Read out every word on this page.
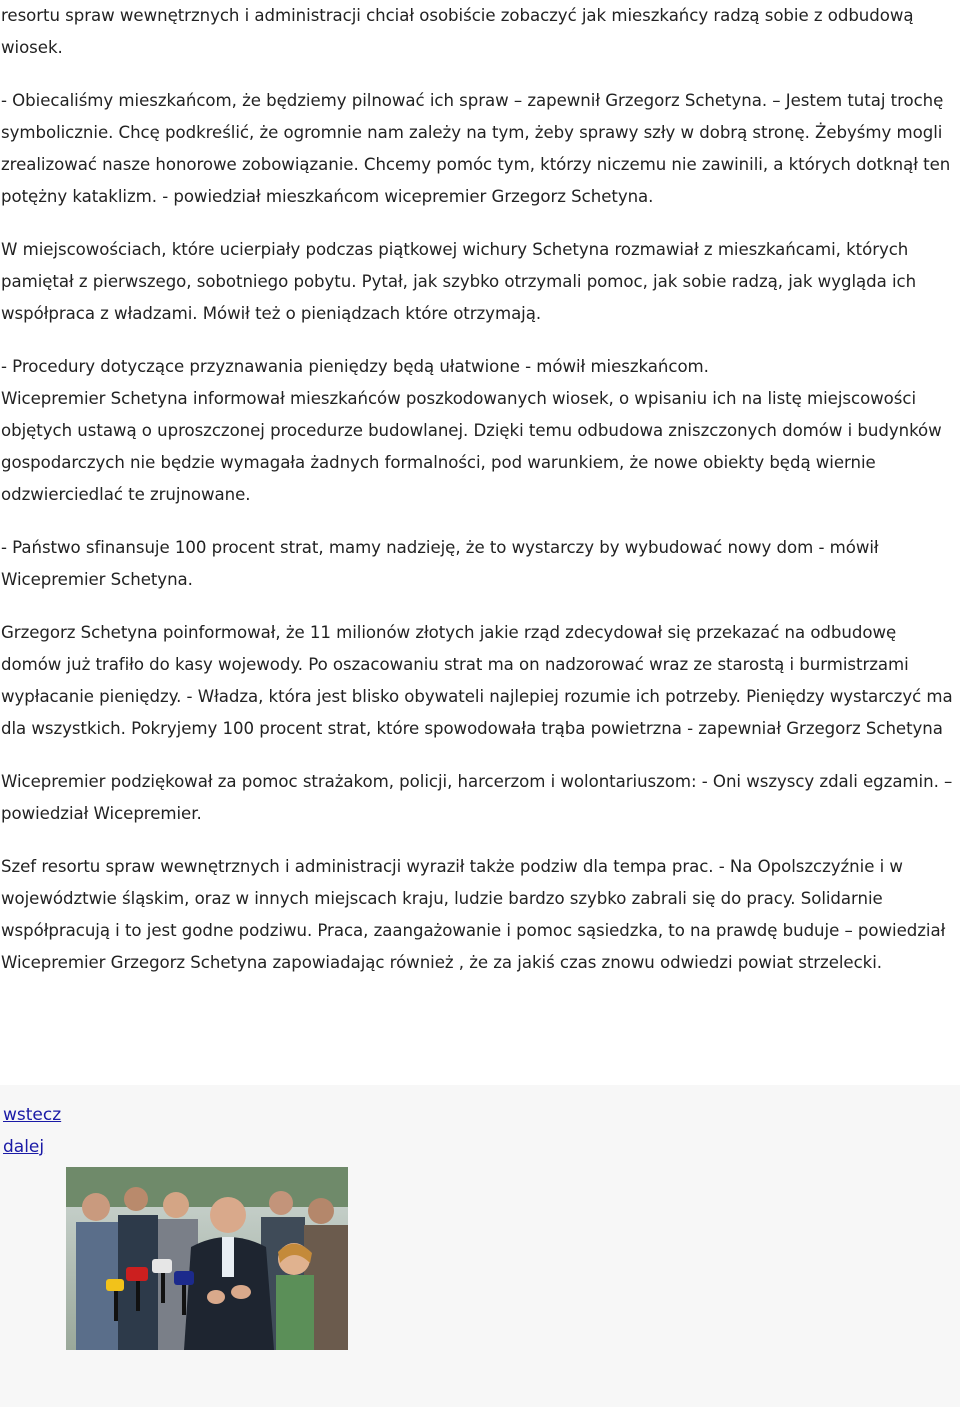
resortu spraw wewnętrznych i administracji chciał osobiście zobaczyć jak mieszkańcy radzą sobie z odbudową wiosek.

- Obiecaliśmy mieszkańcom, że będziemy pilnować ich spraw – zapewnił Grzegorz Schetyna. – Jestem tutaj trochę symbolicznie. Chcę podkreślić, że ogromnie nam zależy na tym, żeby sprawy szły w dobrą stronę. Żebyśmy mogli zrealizować nasze honorowe zobowiązanie. Chcemy pomóc tym, którzy niczemu nie zawinili, a których dotknął ten potężny kataklizm. - powiedział mieszkańcom wicepremier Grzegorz Schetyna.

W miejscowościach, które ucierpiały podczas piątkowej wichury Schetyna rozmawiał z mieszkańcami, których pamiętał z pierwszego, sobotniego pobytu. Pytał, jak szybko otrzymali pomoc, jak sobie radzą, jak wygląda ich współpraca z władzami. Mówił też o pieniądzach które otrzymają.

- Procedury dotyczące przyznawania pieniędzy będą ułatwione - mówił mieszkańcom.

Wicepremier Schetyna informował mieszkańców poszkodowanych wiosek, o wpisaniu ich na listę miejscowości objętych ustawą o uproszczonej procedurze budowlanej. Dzięki temu odbudowa zniszczonych domów i budynków gospodarczych nie będzie wymagała żadnych formalności, pod warunkiem, że nowe obiekty będą wiernie odzwierciedlać te zrujnowane.

- Państwo sfinansuje 100 procent strat, mamy nadzieję, że to wystarczy by wybudować nowy dom - mówił Wicepremier Schetyna.

Grzegorz Schetyna poinformował, że 11 milionów złotych jakie rząd zdecydował się przekazać na odbudowę domów już trafiło do kasy wojewody. Po oszacowaniu strat ma on nadzorować wraz ze starostą i burmistrzami wypłacanie pieniędzy. - Władza, która jest blisko obywateli najlepiej rozumie ich potrzeby. Pieniędzy wystarczyć ma dla wszystkich. Pokryjemy 100 procent strat, które spowodowała trąba powietrzna - zapewniał Grzegorz Schetyna

Wicepremier podziękował za pomoc strażakom, policji, harcerzom i wolontariuszom: - Oni wszyscy zdali egzamin. – powiedział Wicepremier.

Szef resortu spraw wewnętrznych i administracji wyraził także podziw dla tempa prac. - Na Opolszczyźnie i w województwie śląskim, oraz w innych miejscach kraju, ludzie bardzo szybko zabrali się do pracy. Solidarnie współpracują i to jest godne podziwu. Praca, zaangażowanie i pomoc sąsiedzka, to na prawdę buduje – powiedział Wicepremier Grzegorz Schetyna zapowiadając również , że za jakiś czas znowu odwiedzi powiat strzelecki.

wstecz
dalej
